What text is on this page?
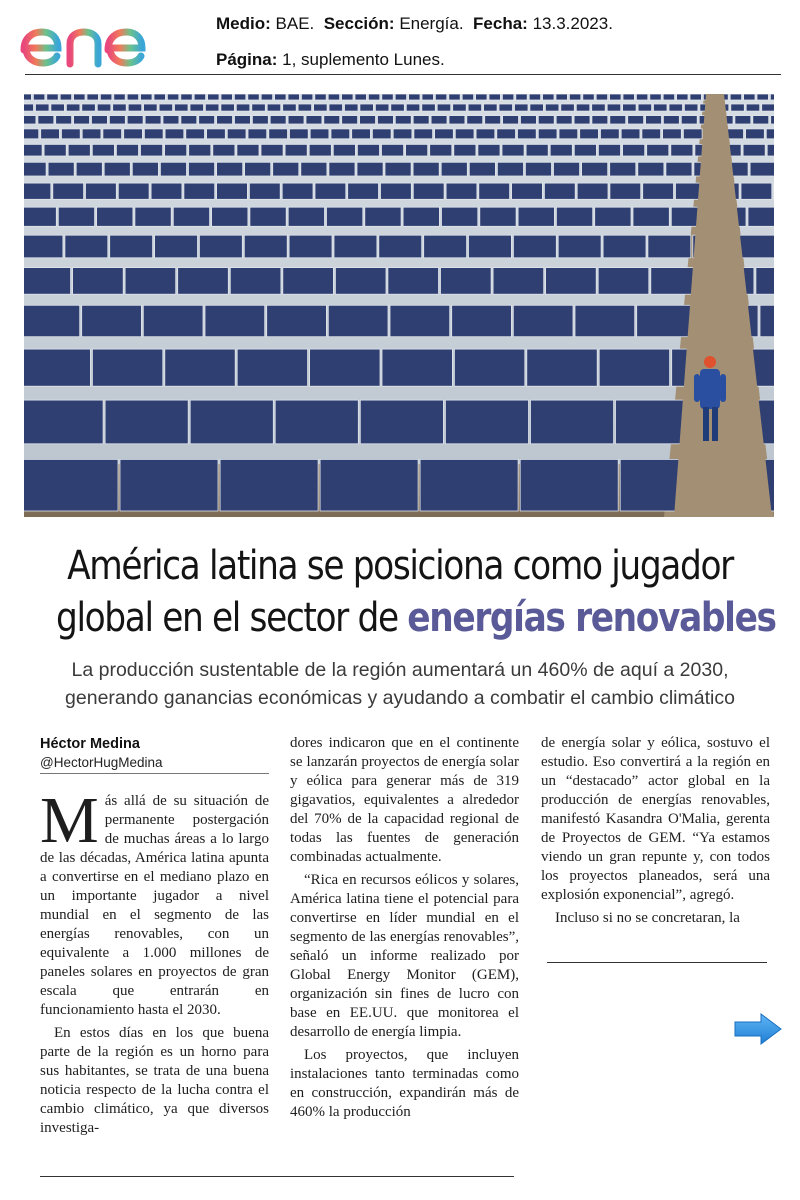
Medio: BAE. Sección: Energía. Fecha: 13.3.2023.
Página: 1, suplemento Lunes.
América latina se posiciona como jugador
global en el sector de energías renovables
La producción sustentable de la región aumentará un 460% de aquí a 2030,
generando ganancias económicas y ayudando a combatir el cambio climático
Héctor Medina
@HectorHugMedina
M ás allá de su situación de permanente postergación de muchas áreas a lo largo de las décadas, América latina apunta a convertirse en el mediano plazo en un importante jugador a nivel mundial en el segmento de las energías renovables, con un equivalente a 1.000 millones de paneles solares en proyectos de gran escala que entrarán en funcionamiento hasta el 2030.

En estos días en los que buena parte de la región es un horno para sus habitantes, se trata de una buena noticia respecto de la lucha contra el cambio climático, ya que diversos investiga-

dores indicaron que en el continente se lanzarán proyectos de energía solar y eólica para generar más de 319 gigavatios, equivalentes a alrededor del 70% de la capacidad regional de todas las fuentes de generación combinadas actualmente.

“Rica en recursos eólicos y solares, América latina tiene el potencial para convertirse en líder mundial en el segmento de las energías renovables”, señaló un informe realizado por Global Energy Monitor (GEM), organización sin fines de lucro con base en EE.UU. que monitorea el desarrollo de energía limpia.

Los proyectos, que incluyen instalaciones tanto terminadas como en construcción, expandirán más de 460% la producción

de energía solar y eólica, sostuvo el estudio. Eso convertirá a la región en un “destacado” actor global en la producción de energías renovables, manifestó Kasandra O'Malia, gerenta de Proyectos de GEM. “Ya estamos viendo un gran repunte y, con todos los proyectos planeados, será una explosión exponencial”, agregó.

Incluso si no se concretaran, la
